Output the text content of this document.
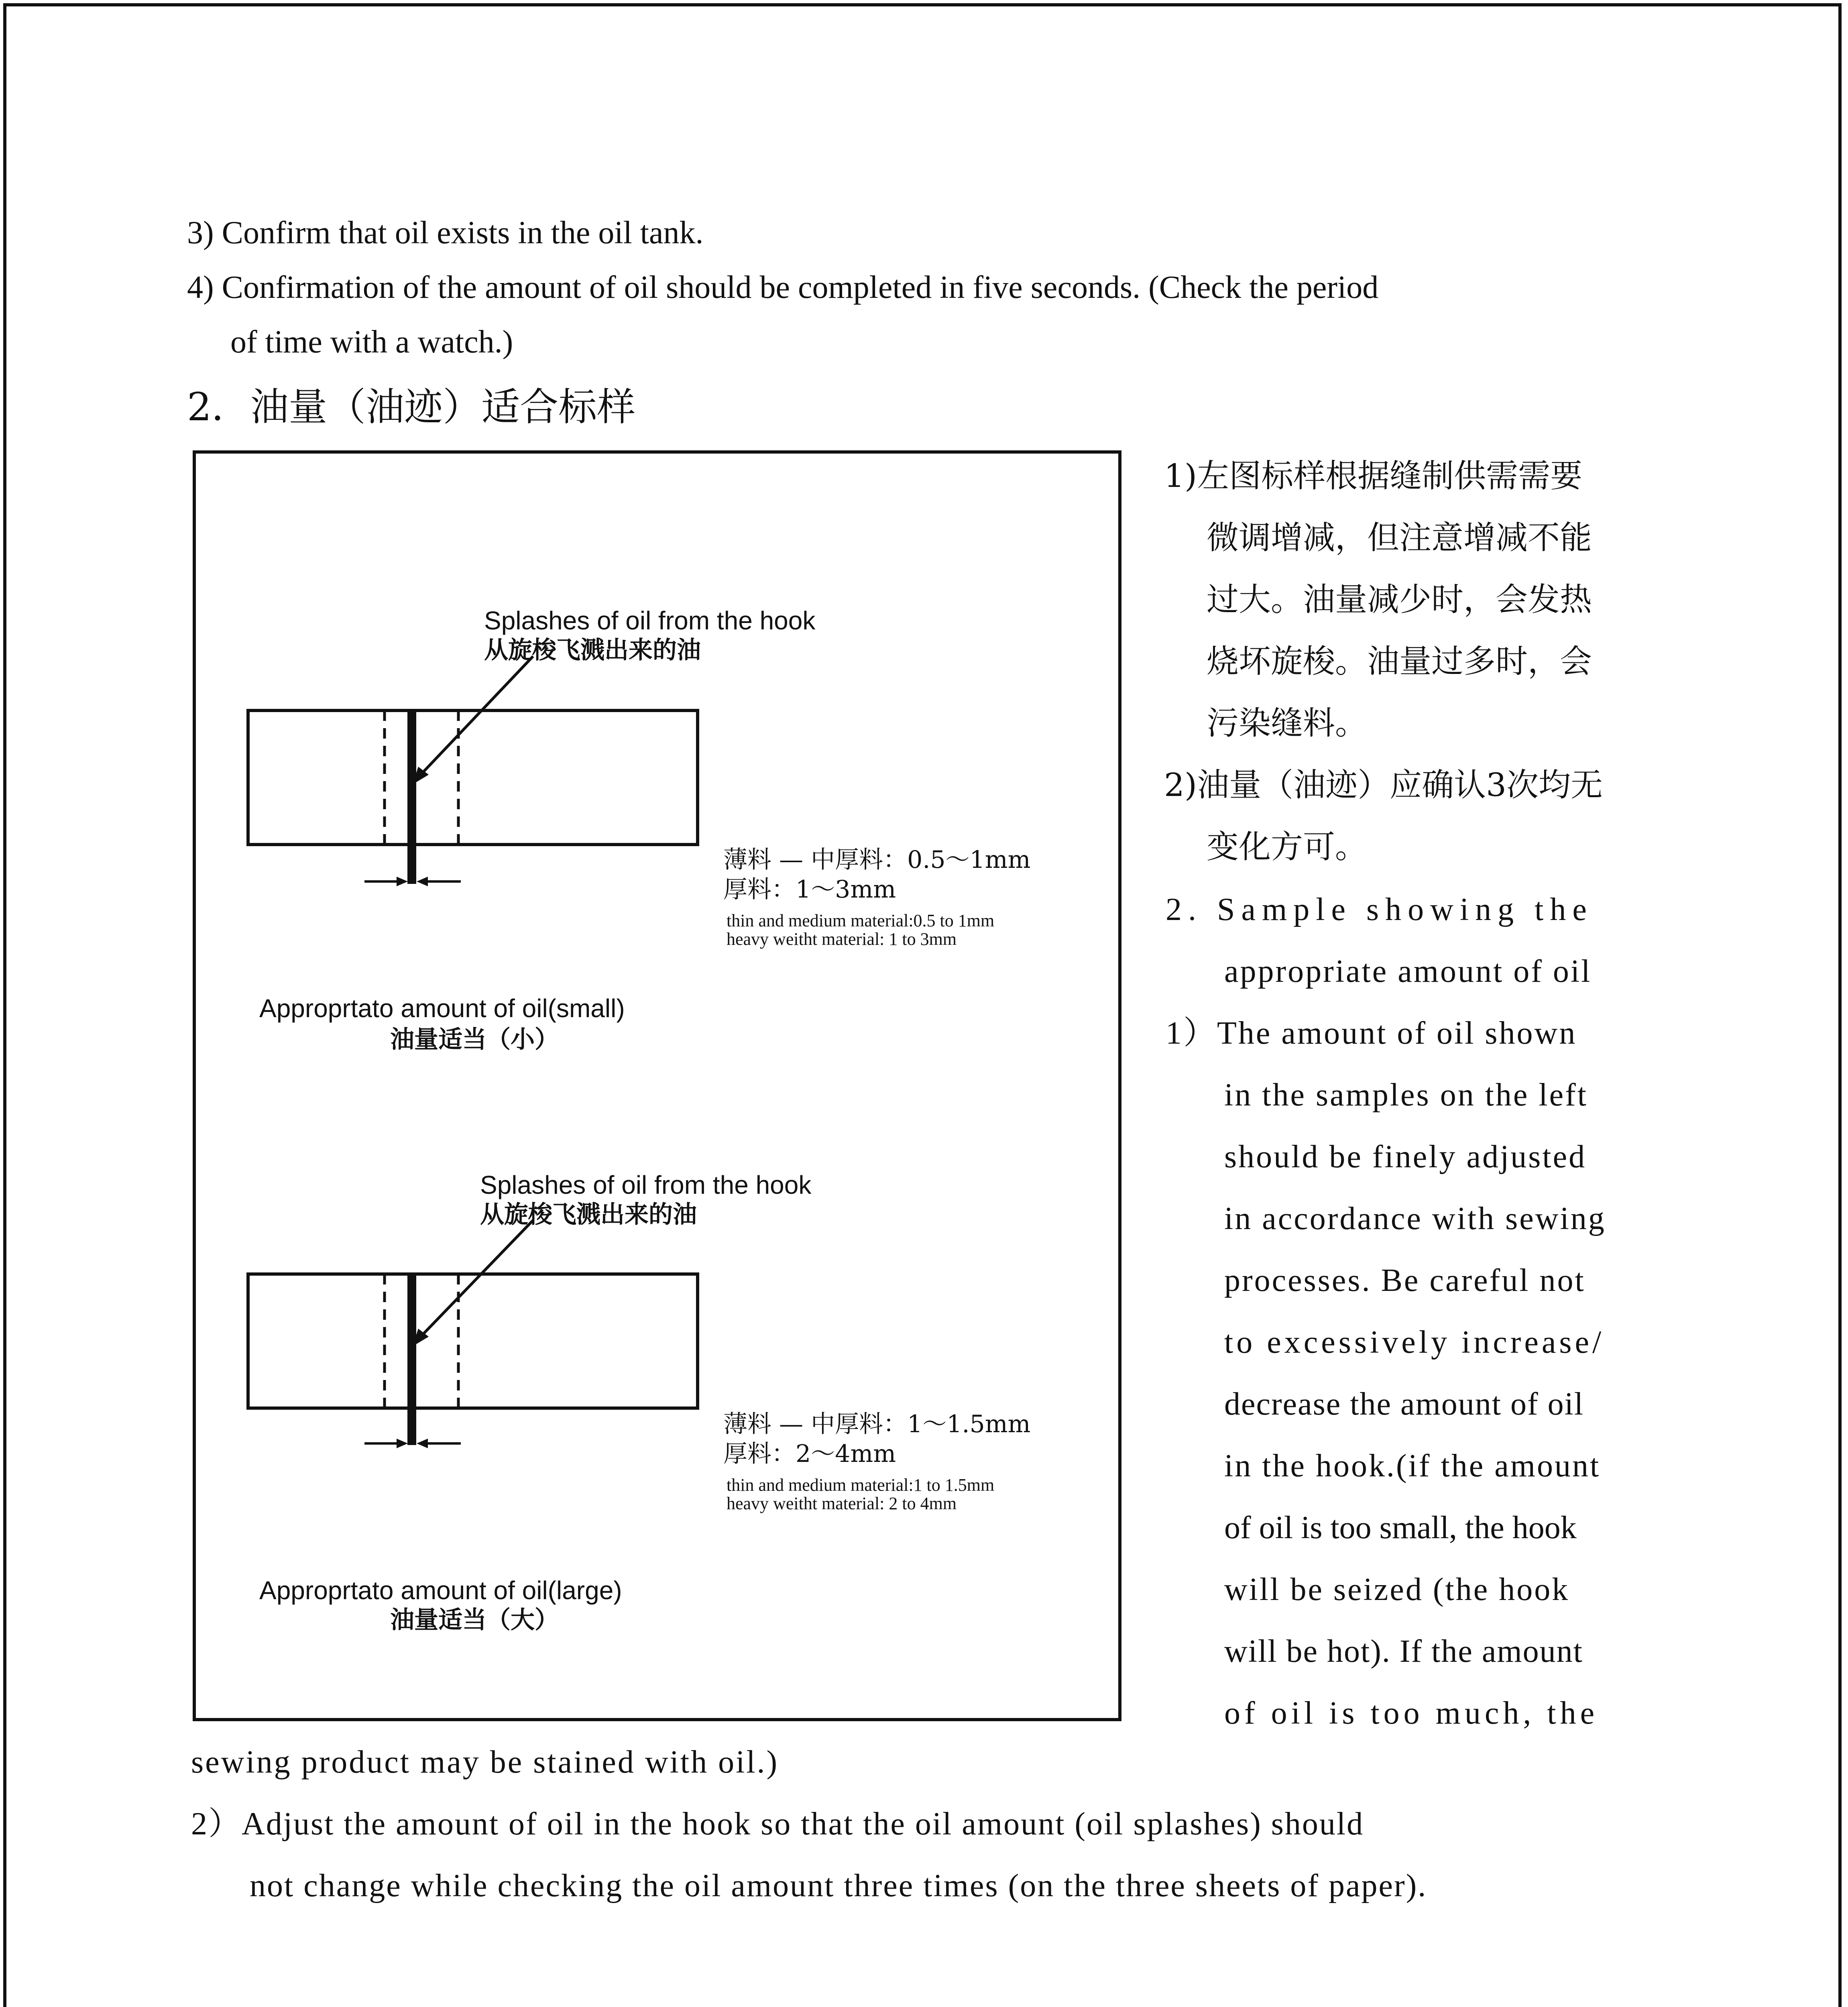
3) Confirm that oil exists in the oil tank.
4) Confirmation of the amount of oil should be completed in five seconds. (Check the period
of time with a watch.)
2．油量（油迹）适合标样
Splashes of oil from the hook
从旋梭飞溅出来的油
薄料 — 中厚料：0.5～1mm
厚料：1～3mm
thin and medium material:0.5 to 1mm
heavy weitht material: 1 to 3mm
Approprtato amount of oil(small)
油量适当（小）
Splashes of oil from the hook
从旋梭飞溅出来的油
薄料 — 中厚料：1～1.5mm
厚料：2～4mm
thin and medium material:1 to 1.5mm
heavy weitht material: 2 to 4mm
Approprtato amount of oil(large)
油量适当（大）
1)左图标样根据缝制供需需要
微调增减，但注意增减不能
过大。油量减少时，会发热
烧坏旋梭。油量过多时，会
污染缝料。
2)油量（油迹）应确认3次均无
变化方可。
2. Sample showing the
appropriate amount of oil
1）The amount of oil shown
in the samples on the left
should be finely adjusted
in accordance with sewing
processes. Be careful not
to excessively increase/
decrease the amount of oil
in the hook.(if the amount
of oil is too small, the hook
will be seized (the hook
will be hot). If the amount
of oil is too much, the
sewing product may be stained with oil.)
2）Adjust the amount of oil in the hook so that the oil amount (oil splashes) should
not change while checking the oil amount three times (on the three sheets of paper).
